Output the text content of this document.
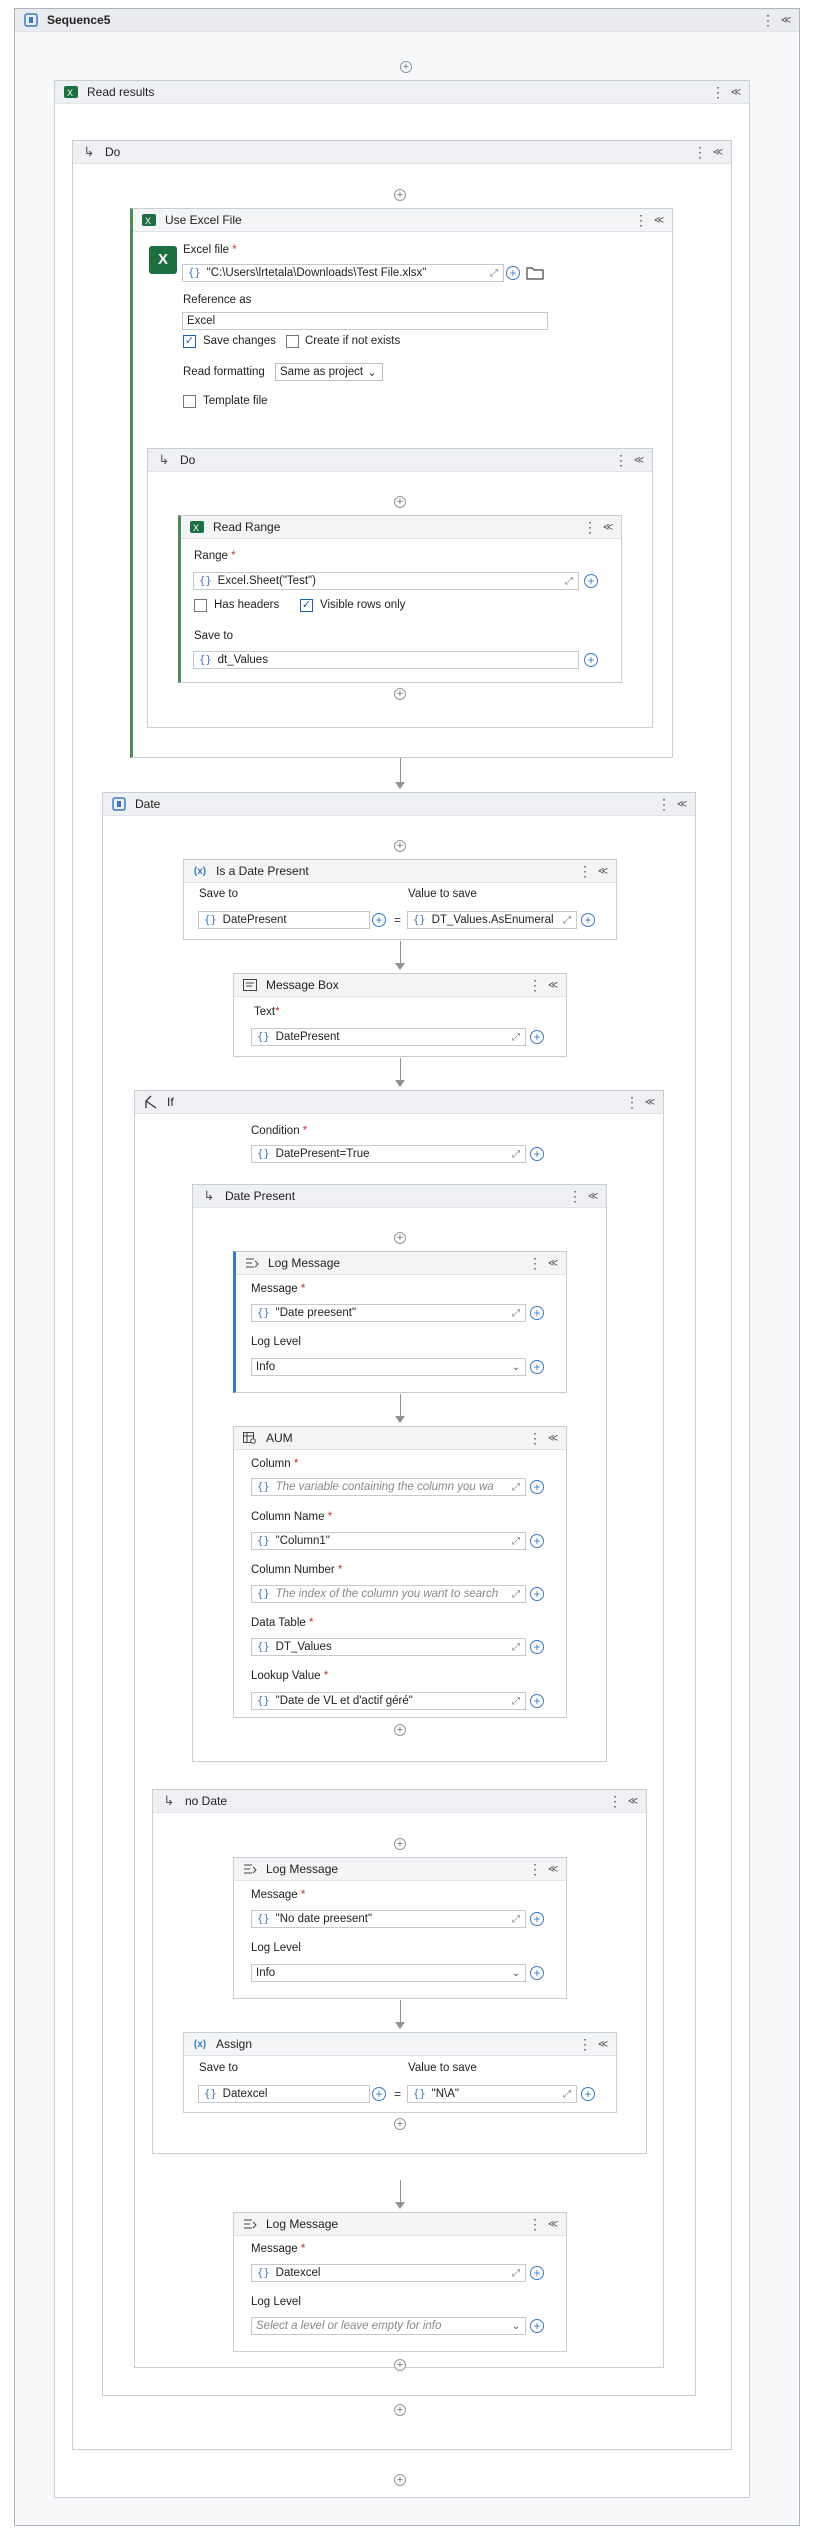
Sequence5	⋮ ≪
+
X Read results	⋮ ≪
↳ Do	⋮ ≪
+
X Use Excel File	⋮ ≪
X
Excel file *
{} "C:\Users\lrtetala\Downloads\Test File.xlsx"	⤢ +
Reference as
Excel
✓ Save changes	Create if not exists
Read formatting Same as project ⌄
Template file
↳ Do	⋮ ≪
+
X Read Range	⋮ ≪
Range *
{} Excel.Sheet("Test")	⤢ +
Has headers ✓ Visible rows only
Save to
{} dt_Values	+
+
Date	⋮ ≪
+
(x) Is a Date Present	⋮ ≪
Save to	Value to save
{} DatePresent	+ = {} DT_Values.AsEnumeral ⤢ +
Message Box	⋮ ≪
Text*
{} DatePresent	⤢ +
If	⋮ ≪
Condition *
{} DatePresent=True	⤢ +
↳ Date Present	⋮ ≪
+
Log Message	⋮ ≪
Message *
{} "Date preesent"	⤢ +
Log Level
Info	⌄ +
AUM	⋮ ≪
Column *
{} The variable containing the column you wa	⤢ +
Column Name *
{} "Column1"	⤢ +
Column Number *
{} The index of the column you want to search	⤢ +
Data Table *
{} DT_Values	⤢ +
Lookup Value *
{} "Date de VL et d'actif géré"	⤢ +
+
↳ no Date	⋮ ≪
+
Log Message	⋮ ≪
Message *
{} "No date preesent"	⤢ +
Log Level
Info	⌄ +
(x) Assign	⋮ ≪
Save to	Value to save
{} Datexcel	+ = {} "N\A"	⤢ +
+
Log Message	⋮ ≪
Message *
{} Datexcel	⤢ +
Log Level
Select a level or leave empty for info	⌄ +
+
+
+
